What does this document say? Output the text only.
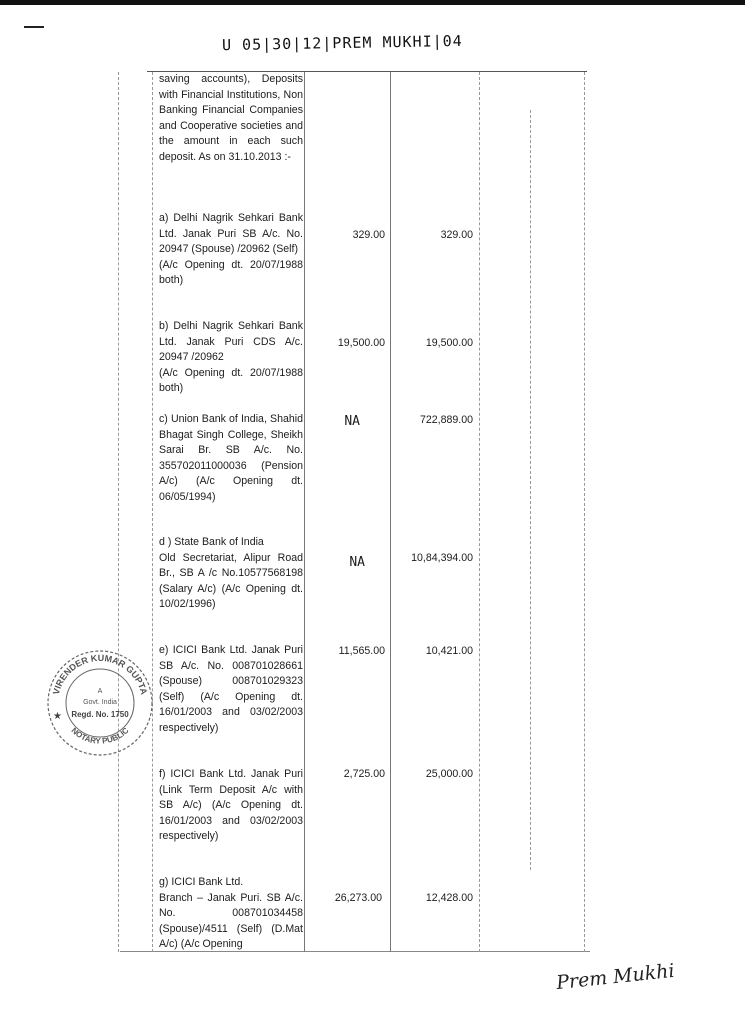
U 05|30|12|PREM MUKHI|04

saving accounts), Deposits with Financial Institutions, Non Banking Financial Companies and Cooperative societies and the amount in each such deposit. As on 31.10.2013 :-

a) Delhi Nagrik Sehkari Bank Ltd. Janak Puri SB A/c. No. 20947 (Spouse) /20962 (Self)

(A/c Opening dt. 20/07/1988 both)

329.00	329.00

b) Delhi Nagrik Sehkari Bank Ltd. Janak Puri CDS A/c. 20947 /20962

(A/c Opening dt. 20/07/1988 both)

19,500.00	19,500.00

c) Union Bank of India, Shahid Bhagat Singh College, Sheikh Sarai Br. SB A/c. No. 355702011000036 (Pension A/c) (A/c Opening dt. 06/05/1994)

NA	722,889.00

d ) State Bank of India

Old Secretariat, Alipur Road Br., SB A /c No.10577568198 (Salary A/c) (A/c Opening dt. 10/02/1996)

NA	10,84,394.00

e) ICICI Bank Ltd. Janak Puri SB A/c. No. 008701028661 (Spouse) 008701029323 (Self) (A/c Opening dt. 16/01/2003 and 03/02/2003 respectively)

11,565.00	10,421.00

f) ICICI Bank Ltd. Janak Puri (Link Term Deposit A/c with SB A/c) (A/c Opening dt. 16/01/2003 and 03/02/2003 respectively)

2,725.00	25,000.00

g) ICICI Bank Ltd.

Branch – Janak Puri. SB A/c. No. 008701034458 (Spouse)/4511 (Self) (D.Mat A/c) (A/c Opening

26,273.00	12,428.00
VIRENDER KUMAR GUPTA
NOTARY PUBLIC
A
Govt. India
Regd. No. 1750
★
Prem Mukhi
